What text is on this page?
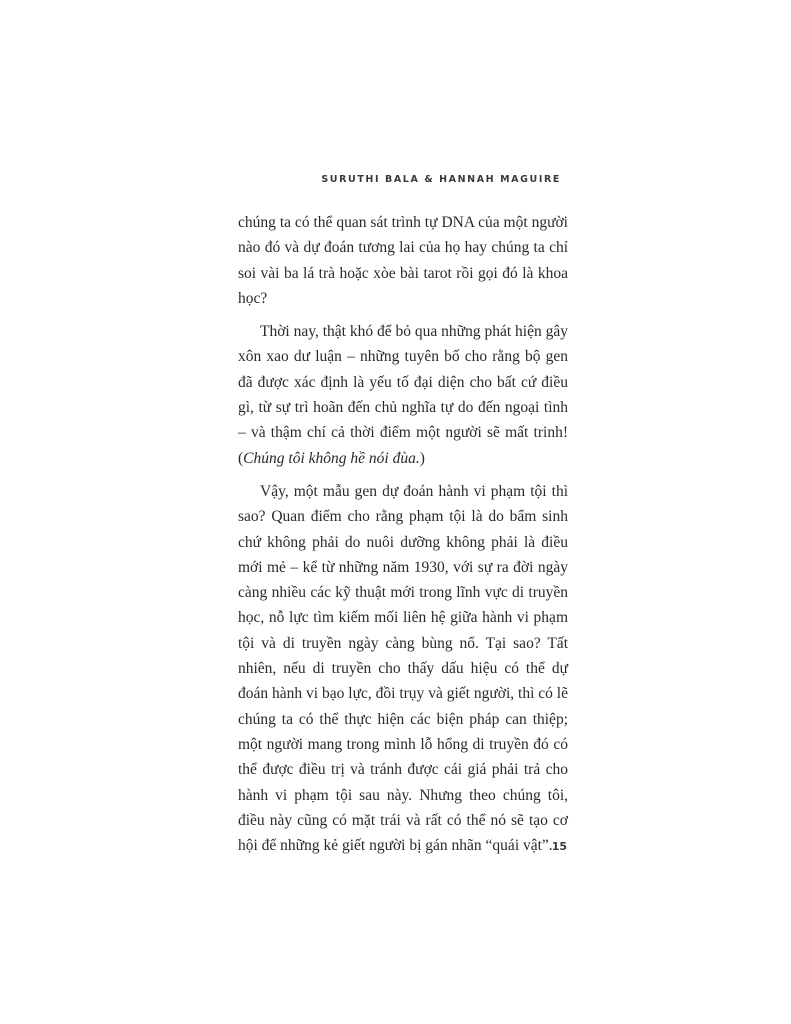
SURUTHI BALA & HANNAH MAGUIRE

chúng ta có thể quan sát trình tự DNA của một người nào đó và dự đoán tương lai của họ hay chúng ta chỉ soi vài ba lá trà hoặc xòe bài tarot rồi gọi đó là khoa học?

Thời nay, thật khó để bỏ qua những phát hiện gây xôn xao dư luận – những tuyên bố cho rằng bộ gen đã được xác định là yếu tố đại diện cho bất cứ điều gì, từ sự trì hoãn đến chủ nghĩa tự do đến ngoại tình – và thậm chí cả thời điểm một người sẽ mất trinh! (Chúng tôi không hề nói đùa.)

Vậy, một mẫu gen dự đoán hành vi phạm tội thì sao? Quan điểm cho rằng phạm tội là do bẩm sinh chứ không phải do nuôi dưỡng không phải là điều mới mẻ – kể từ những năm 1930, với sự ra đời ngày càng nhiều các kỹ thuật mới trong lĩnh vực di truyền học, nỗ lực tìm kiếm mối liên hệ giữa hành vi phạm tội và di truyền ngày càng bùng nổ. Tại sao? Tất nhiên, nếu di truyền cho thấy dấu hiệu có thể dự đoán hành vi bạo lực, đồi trụy và giết người, thì có lẽ chúng ta có thể thực hiện các biện pháp can thiệp; một người mang trong mình lỗ hổng di truyền đó có thể được điều trị và tránh được cái giá phải trả cho hành vi phạm tội sau này. Nhưng theo chúng tôi, điều này cũng có mặt trái và rất có thể nó sẽ tạo cơ hội để những kẻ giết người bị gán nhãn “quái vật”. 15
